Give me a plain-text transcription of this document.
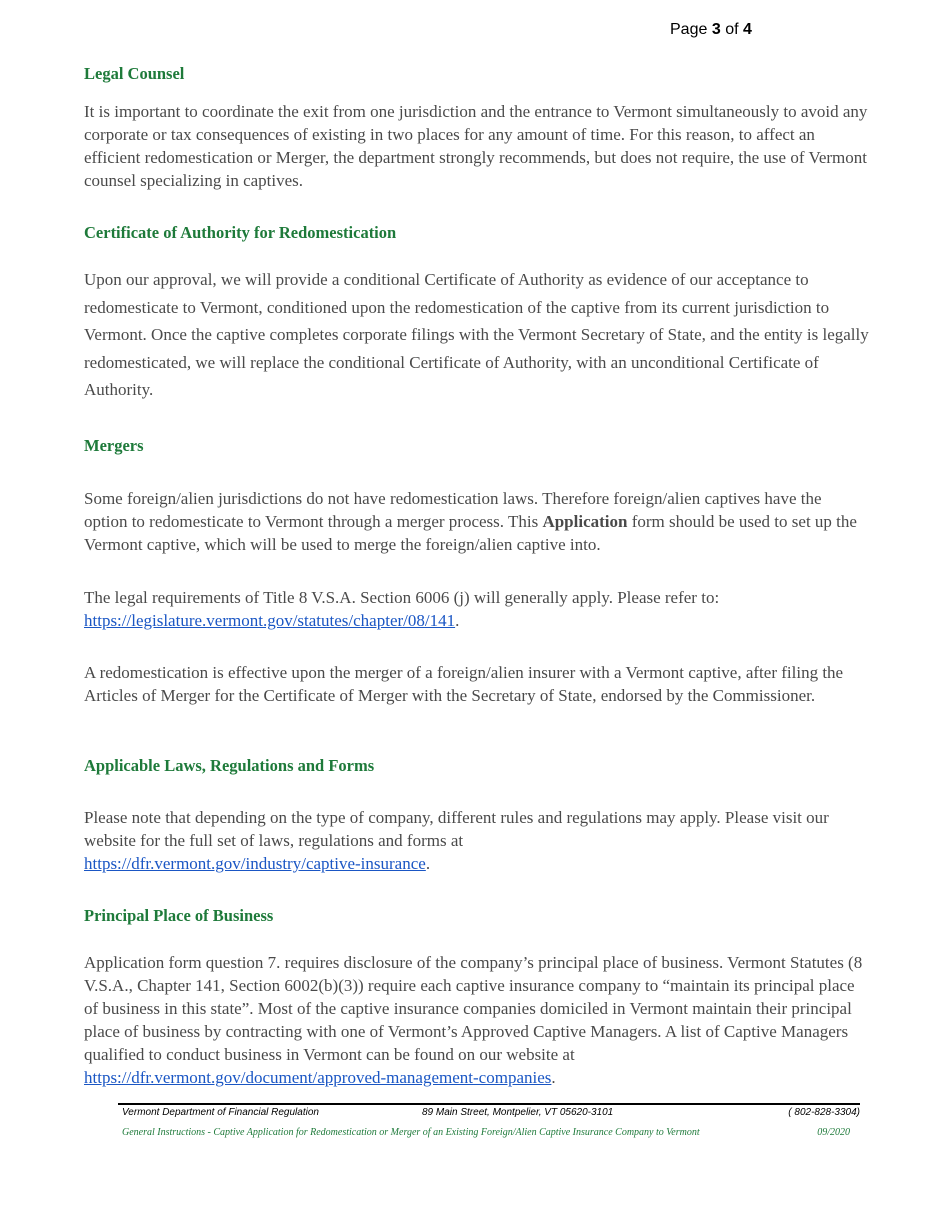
Page 3 of 4
Legal Counsel
It is important to coordinate the exit from one jurisdiction and the entrance to Vermont simultaneously to avoid any corporate or tax consequences of existing in two places for any amount of time. For this reason, to affect an efficient redomestication or Merger, the department strongly recommends, but does not require, the use of Vermont counsel specializing in captives.
Certificate of Authority for Redomestication
Upon our approval, we will provide a conditional Certificate of Authority as evidence of our acceptance to redomesticate to Vermont, conditioned upon the redomestication of the captive from its current jurisdiction to Vermont. Once the captive completes corporate filings with the Vermont Secretary of State, and the entity is legally redomesticated, we will replace the conditional Certificate of Authority, with an unconditional Certificate of Authority.
Mergers
Some foreign/alien jurisdictions do not have redomestication laws. Therefore foreign/alien captives have the option to redomesticate to Vermont through a merger process. This Application form should be used to set up the Vermont captive, which will be used to merge the foreign/alien captive into.
The legal requirements of Title 8 V.S.A. Section 6006 (j) will generally apply. Please refer to:
https://legislature.vermont.gov/statutes/chapter/08/141.
A redomestication is effective upon the merger of a foreign/alien insurer with a Vermont captive, after filing the Articles of Merger for the Certificate of Merger with the Secretary of State, endorsed by the Commissioner.
Applicable Laws, Regulations and Forms
Please note that depending on the type of company, different rules and regulations may apply. Please visit our website for the full set of laws, regulations and forms at
https://dfr.vermont.gov/industry/captive-insurance.
Principal Place of Business
Application form question 7. requires disclosure of the company’s principal place of business. Vermont Statutes (8 V.S.A., Chapter 141, Section 6002(b)(3)) require each captive insurance company to “maintain its principal place of business in this state”. Most of the captive insurance companies domiciled in Vermont maintain their principal place of business by contracting with one of Vermont’s Approved Captive Managers. A list of Captive Managers qualified to conduct business in Vermont can be found on our website at https://dfr.vermont.gov/document/approved-management-companies.
Vermont Department of Financial Regulation	89 Main Street, Montpelier, VT 05620-3101	( 802-828-3304)
General Instructions - Captive Application for Redomestication or Merger of an Existing Foreign/Alien Captive Insurance Company to Vermont	09/2020
